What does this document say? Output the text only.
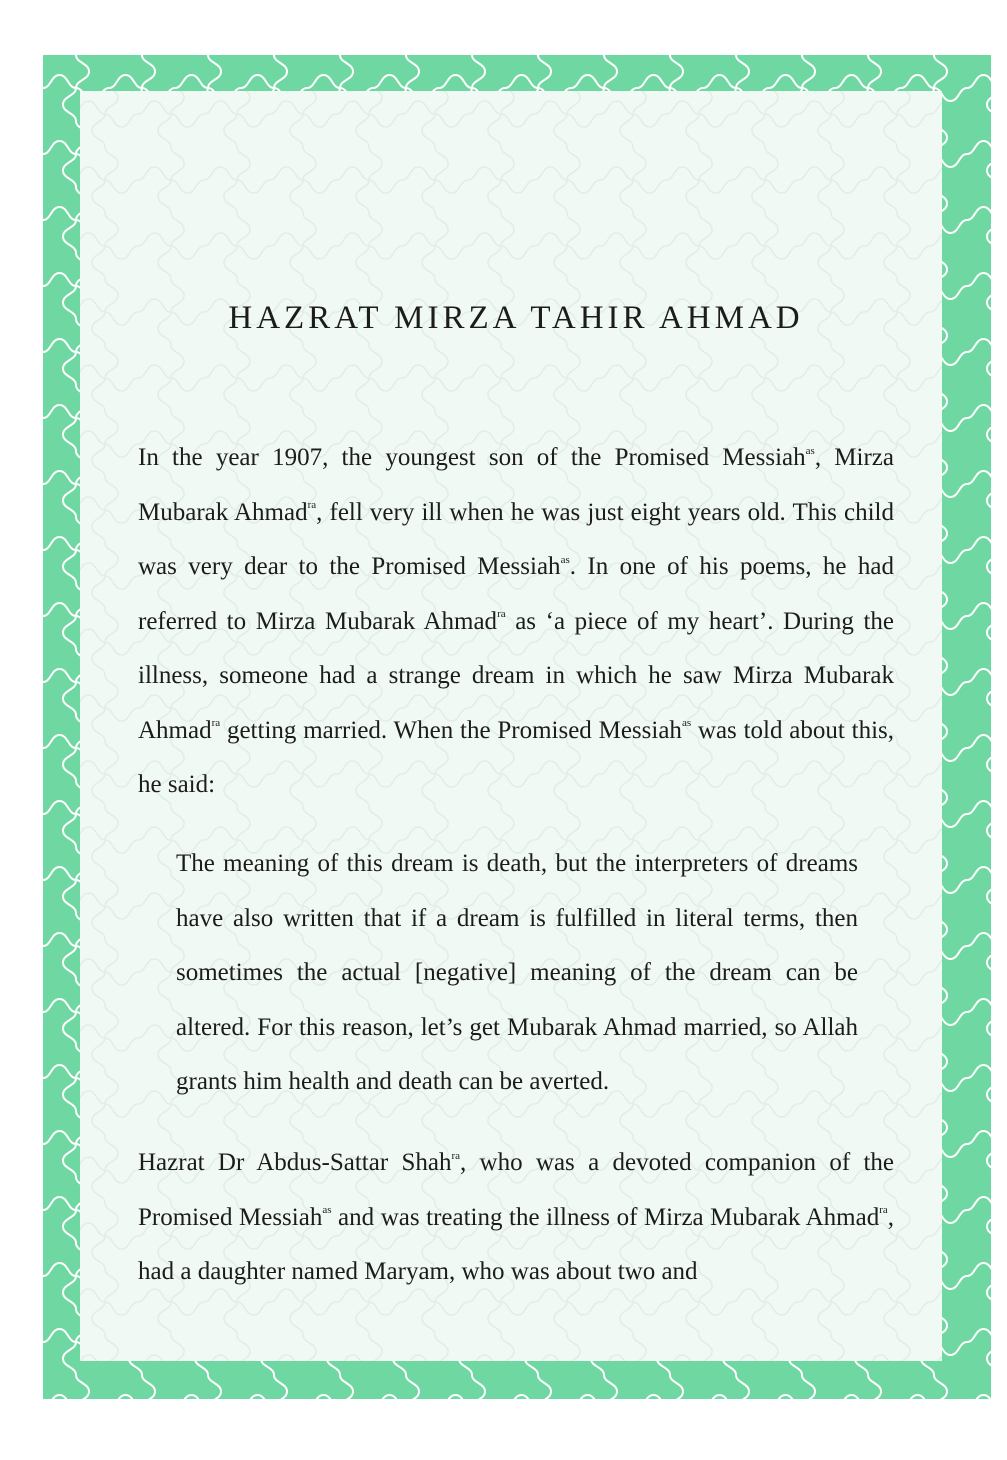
HAZRAT MIRZA TAHIR AHMAD

In the year 1907, the youngest son of the Promised Messiah$^{as}$, Mirza Mubarak Ahmad$^{ra}$, fell very ill when he was just eight years old. This child was very dear to the Promised Messiah$^{as}$. In one of his poems, he had referred to Mirza Mubarak Ahmad$^{ra}$ as ‘a piece of my heart’. During the illness, someone had a strange dream in which he saw Mirza Mubarak Ahmad$^{ra}$ getting married. When the Promised Messiah$^{as}$ was told about this, he said:

The meaning of this dream is death, but the interpreters of dreams have also written that if a dream is fulfilled in literal terms, then sometimes the actual [negative] meaning of the dream can be altered. For this reason, let’s get Mubarak Ahmad married, so Allah grants him health and death can be averted.

Hazrat Dr Abdus-Sattar Shah$^{ra}$, who was a devoted companion of the Promised Messiah$^{as}$ and was treating the illness of Mirza Mubarak Ahmad$^{ra}$, had a daughter named Maryam, who was about two and
